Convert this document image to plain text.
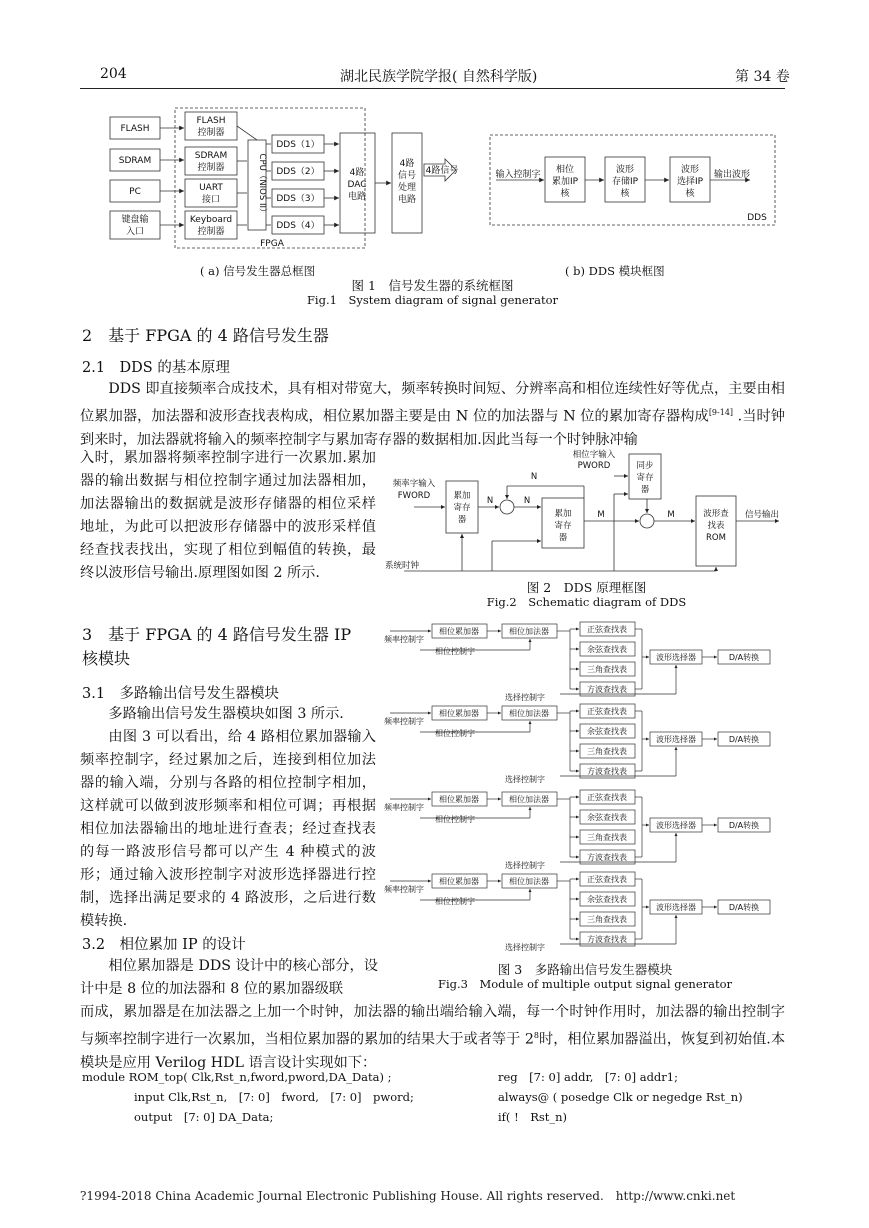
204	湖北民族学院学报( 自然科学版)	第 34 卷
FLASH
SDRAM
PC
键盘输
入口
FLASH
控制器
SDRAM
控制器
UART
接口
Keyboard
控制器
CPU（NIOS II）
DDS（1）
DDS（2）
DDS（3）
DDS（4）
FPGA
4路
DAC
电路
4路
信号
处理
电路
4路信号	输入控制字 相位
累加IP
核
波形
存储IP
核
波形
选择IP
核
输出波形
DDS
( a) 信号发生器总框图	( b) DDS 模块框图
图 1　信号发生器的系统框图
Fig.1　System diagram of signal generator
2　基于 FPGA 的 4 路信号发生器
2.1　DDS 的基本原理
DDS 即直接频率合成技术，具有相对带宽大，频率转换时间短、分辨率高和相位连续性好等优点，主要由相位累加器，加法器和波形查找表构成，相位累加器主要是由 N 位的加法器与 N 位的累加寄存器构成[9-14] .当时钟到来时，加法器就将输入的频率控制字与累加寄存器的数据相加.因此当每一个时钟脉冲输
入时，累加器将频率控制字进行一次累加.累加器的输出数据与相位控制字通过加法器相加，加法器输出的数据就是波形存储器的相位采样地址，为此可以把波形存储器中的波形采样值经查找表找出，实现了相位到幅值的转换，最终以波形信号输出.原理图如图 2 所示.
相位字输入
PWORD
频率字输入
FWORD	累加
寄存
器
同步
寄存
器
累加
寄存
器
N
N	N
M	M	波形查
找表
ROM
信号输出
系统时钟
图 2　DDS 原理框图
Fig.2　Schematic diagram of DDS
3　基于 FPGA 的 4 路信号发生器 IP
核模块
3.1　多路输出信号发生器模块
多路输出信号发生器模块如图 3 所示.
由图 3 可以看出，给 4 路相位累加器输入频率控制字，经过累加之后，连接到相位加法器的输入端，分别与各路的相位控制字相加，这样就可以做到波形频率和相位可调；再根据相位加法器输出的地址进行查表；经过查找表的每一路波形信号都可以产生 4 种模式的波形；通过输入波形控制字对波形选择器进行控制，选择出满足要求的 4 路波形，之后进行数模转换.
3.2　相位累加 IP 的设计
相位累加器是 DDS 设计中的核心部分，设计中是 8 位的加法器和 8 位的累加器级联
而成，累加器是在加法器之上加一个时钟，加法器的输出端给输入端，每一个时钟作用时，加法器的输出控制字与频率控制字进行一次累加，当相位累加器的累加的结果大于或者等于 $2^8$时，相位累加器溢出，恢复到初始值.本模块是应用 Verilog HDL 语言设计实现如下：
频率控制字
相位累加器	相位加法器
相位控制字
正弦查找表
余弦查找表
三角查找表
方波查找表
波形选择器	D/A转换
选择控制字
频率控制字
相位累加器	相位加法器
相位控制字
正弦查找表
余弦查找表
三角查找表
方波查找表
波形选择器	D/A转换
选择控制字
频率控制字
相位累加器	相位加法器
相位控制字
正弦查找表
余弦查找表
三角查找表
方波查找表
波形选择器	D/A转换
选择控制字
频率控制字
相位累加器	相位加法器
相位控制字
正弦查找表
余弦查找表
三角查找表
方波查找表
波形选择器	D/A转换
选择控制字
图 3　多路输出信号发生器模块
Fig.3　Module of multiple output signal generator
module ROM_top( Clk,Rst_n,fword,pword,DA_Data) ;
input Clk,Rst_n,　[7: 0]　fword,　[7: 0]　pword;
output　[7: 0] DA_Data;
reg　[7: 0] addr,　[7: 0] addr1;
always@ ( posedge Clk or negedge Rst_n)
if( !　Rst_n)
?1994-2018 China Academic Journal Electronic Publishing House. All rights reserved.　http://www.cnki.net
